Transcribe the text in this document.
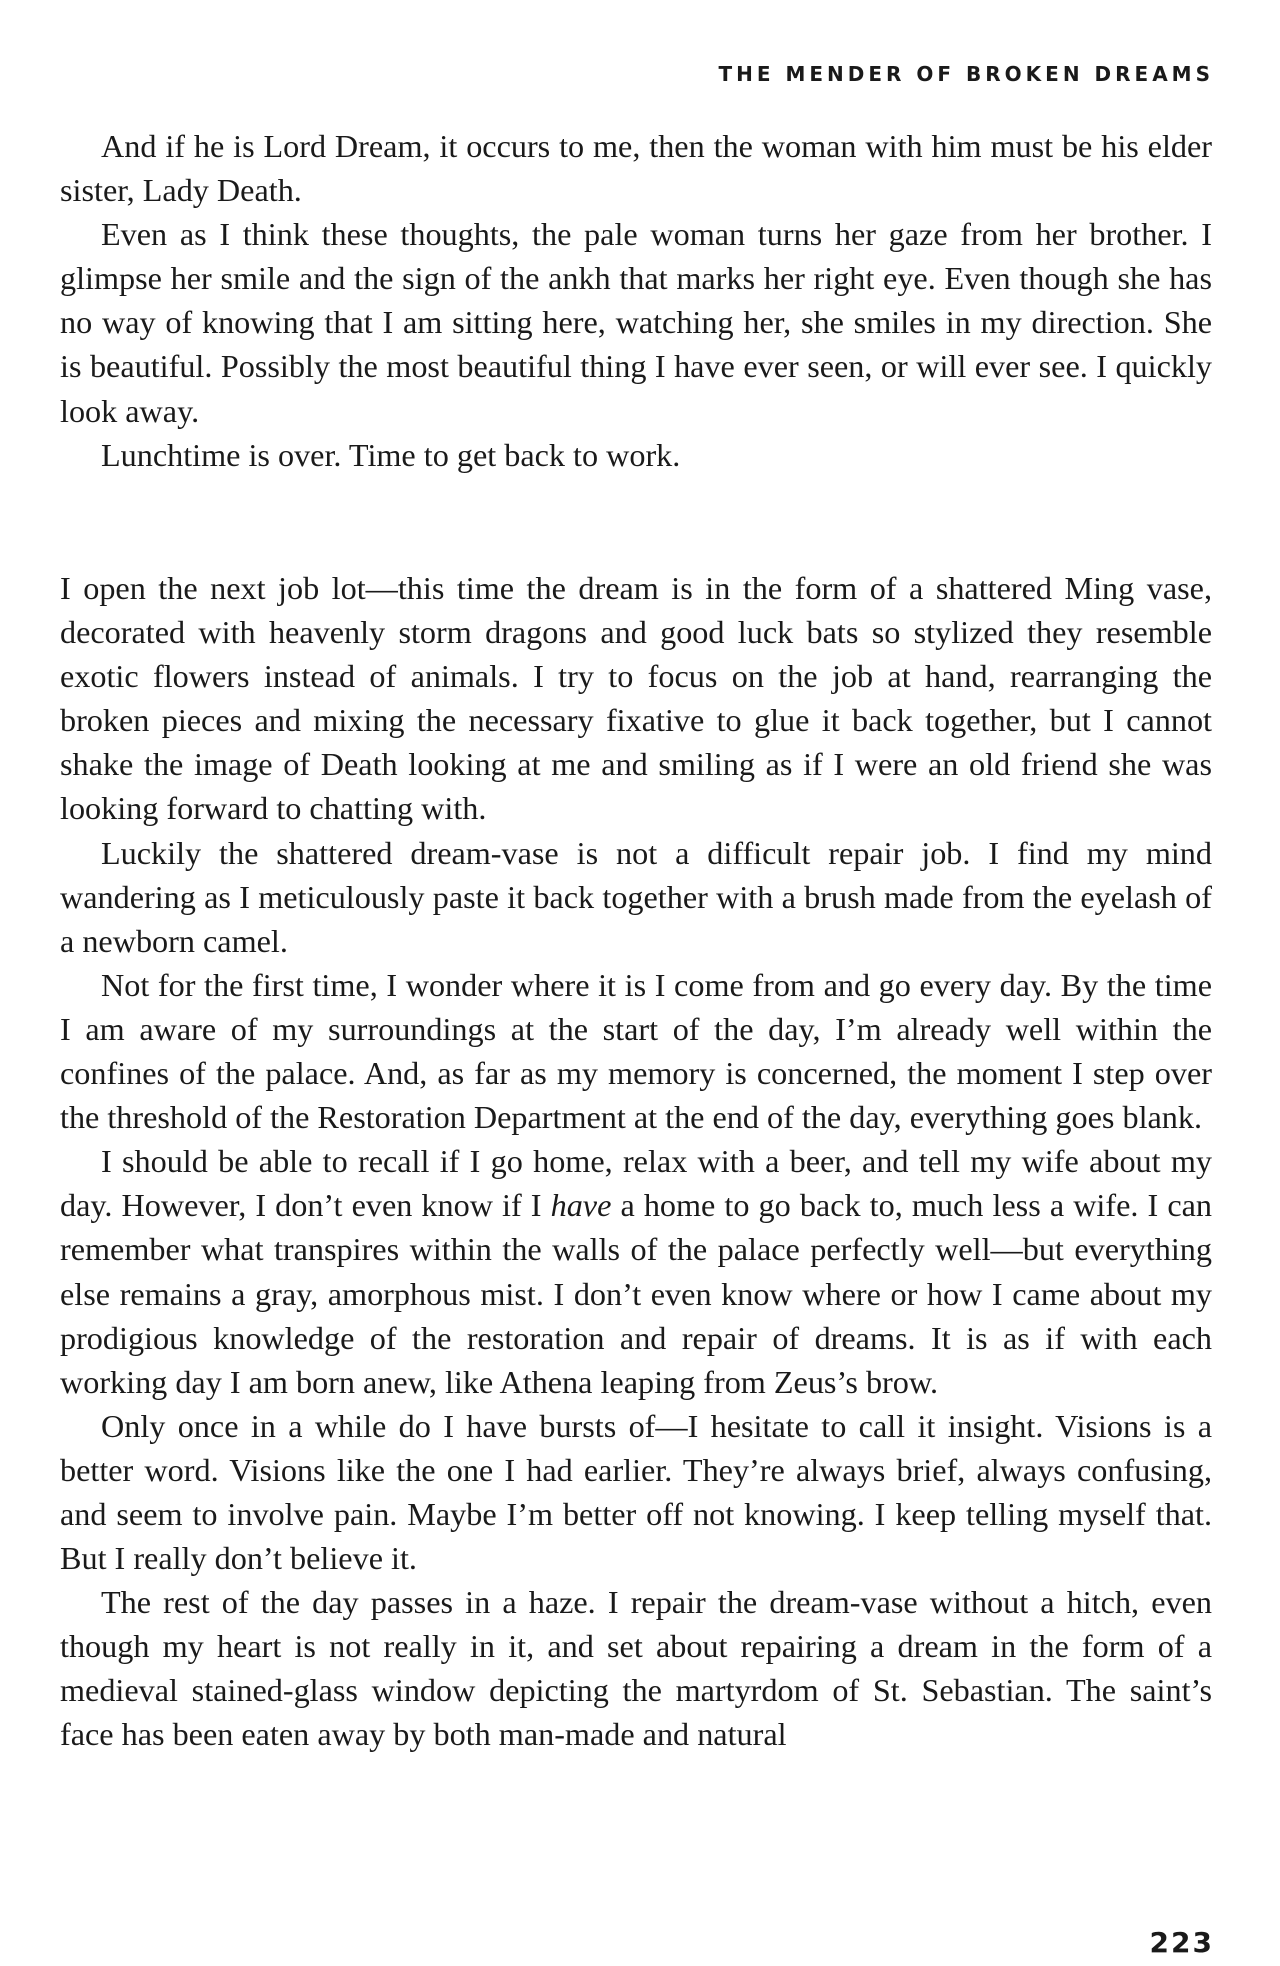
THE MENDER OF BROKEN DREAMS

And if he is Lord Dream, it occurs to me, then the woman with him must be his elder sister, Lady Death.

Even as I think these thoughts, the pale woman turns her gaze from her brother. I glimpse her smile and the sign of the ankh that marks her right eye. Even though she has no way of knowing that I am sitting here, watching her, she smiles in my direction. She is beautiful. Possibly the most beautiful thing I have ever seen, or will ever see. I quickly look away.

Lunchtime is over. Time to get back to work.

I open the next job lot—this time the dream is in the form of a shattered Ming vase, decorated with heavenly storm dragons and good luck bats so stylized they resemble exotic flowers instead of animals. I try to focus on the job at hand, rearranging the broken pieces and mixing the necessary fixative to glue it back together, but I cannot shake the image of Death looking at me and smiling as if I were an old friend she was looking forward to chatting with.

Luckily the shattered dream-vase is not a difficult repair job. I find my mind wandering as I meticulously paste it back together with a brush made from the eyelash of a newborn camel.

Not for the first time, I wonder where it is I come from and go every day. By the time I am aware of my surroundings at the start of the day, I’m already well within the confines of the palace. And, as far as my memory is concerned, the moment I step over the threshold of the Restoration Department at the end of the day, everything goes blank.

I should be able to recall if I go home, relax with a beer, and tell my wife about my day. However, I don’t even know if I have a home to go back to, much less a wife. I can remember what transpires within the walls of the palace perfectly well—but everything else remains a gray, amorphous mist. I don’t even know where or how I came about my prodigious knowledge of the restoration and repair of dreams. It is as if with each working day I am born anew, like Athena leaping from Zeus’s brow.

Only once in a while do I have bursts of—I hesitate to call it insight. Visions is a better word. Visions like the one I had earlier. They’re always brief, always confusing, and seem to involve pain. Maybe I’m better off not knowing. I keep telling myself that. But I really don’t believe it.

The rest of the day passes in a haze. I repair the dream-vase without a hitch, even though my heart is not really in it, and set about repairing a dream in the form of a medieval stained-glass window depicting the martyrdom of St. Sebastian. The saint’s face has been eaten away by both man-made and natural

223
